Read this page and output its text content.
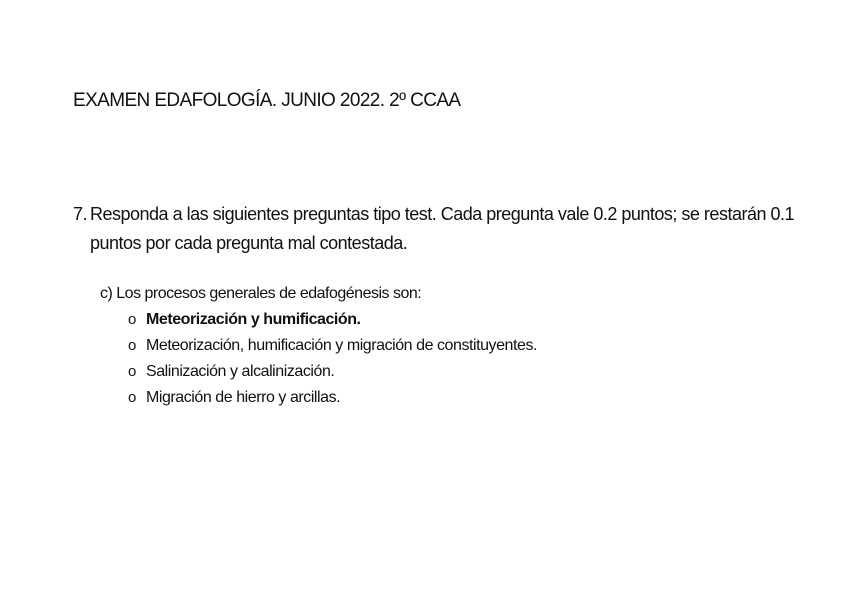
EXAMEN EDAFOLOGÍA. JUNIO 2022. 2º CCAA
7. Responda a las siguientes preguntas tipo test. Cada pregunta vale 0.2 puntos; se restarán 0.1 puntos por cada pregunta mal contestada.
c) Los procesos generales de edafogénesis son:
o Meteorización y humificación.
o Meteorización, humificación y migración de constituyentes.
o Salinización y alcalinización.
o Migración de hierro y arcillas.
